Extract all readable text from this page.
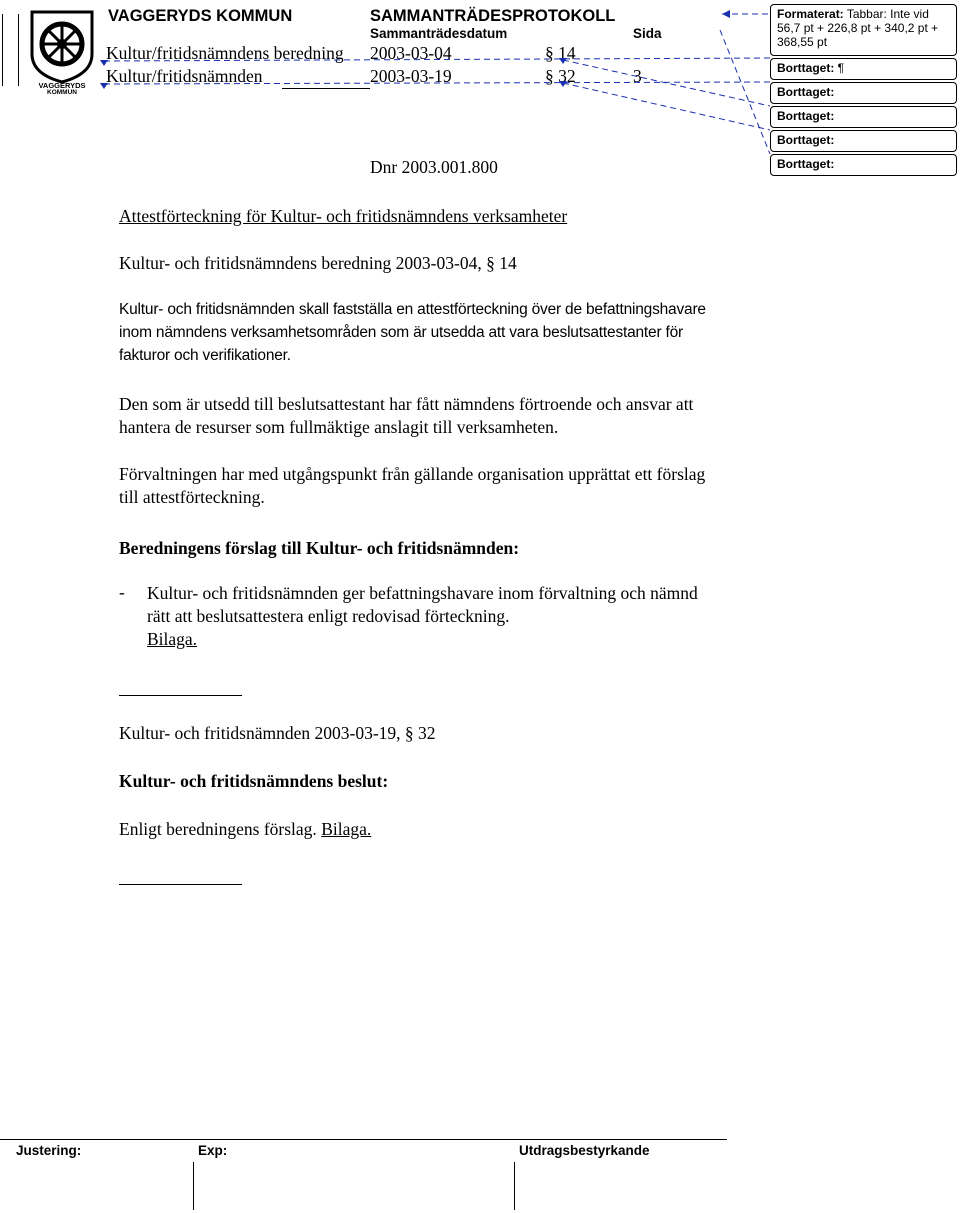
VAGGERYDS
KOMMUN
VAGGERYDS KOMMUN	SAMMANTRÄDESPROTOKOLL
Sammanträdesdatum	Sida
Kultur/fritidsnämndens beredning 2003-03-04	§ 14
Kultur/fritidsnämnden	2003-03-19	§ 32	3
Formaterat: Tabbar: Inte vid 56,7 pt + 226,8 pt + 340,2 pt + 368,55 pt
Borttaget: ¶
Borttaget:
Borttaget:
Borttaget:
Borttaget:
Dnr 2003.001.800
Attestförteckning för Kultur- och fritidsnämndens verksamheter
Kultur- och fritidsnämndens beredning 2003-03-04, § 14
Kultur- och fritidsnämnden skall fastställa en attestförteckning över de befattningshavare inom nämndens verksamhetsområden som är utsedda att vara beslutsattestanter för fakturor och verifikationer.
Den som är utsedd till beslutsattestant har fått nämndens förtroende och ansvar att hantera de resurser som fullmäktige anslagit till verksamheten.
Förvaltningen har med utgångspunkt från gällande organisation upprättat ett förslag till attestförteckning.
Beredningens förslag till Kultur- och fritidsnämnden:
- Kultur- och fritidsnämnden ger befattningshavare inom förvaltning och nämnd rätt att beslutsattestera enligt redovisad förteckning.
Bilaga.
Kultur- och fritidsnämnden 2003-03-19, § 32
Kultur- och fritidsnämndens beslut:
Enligt beredningens förslag. Bilaga.
Justering:	Exp:	Utdragsbestyrkande
